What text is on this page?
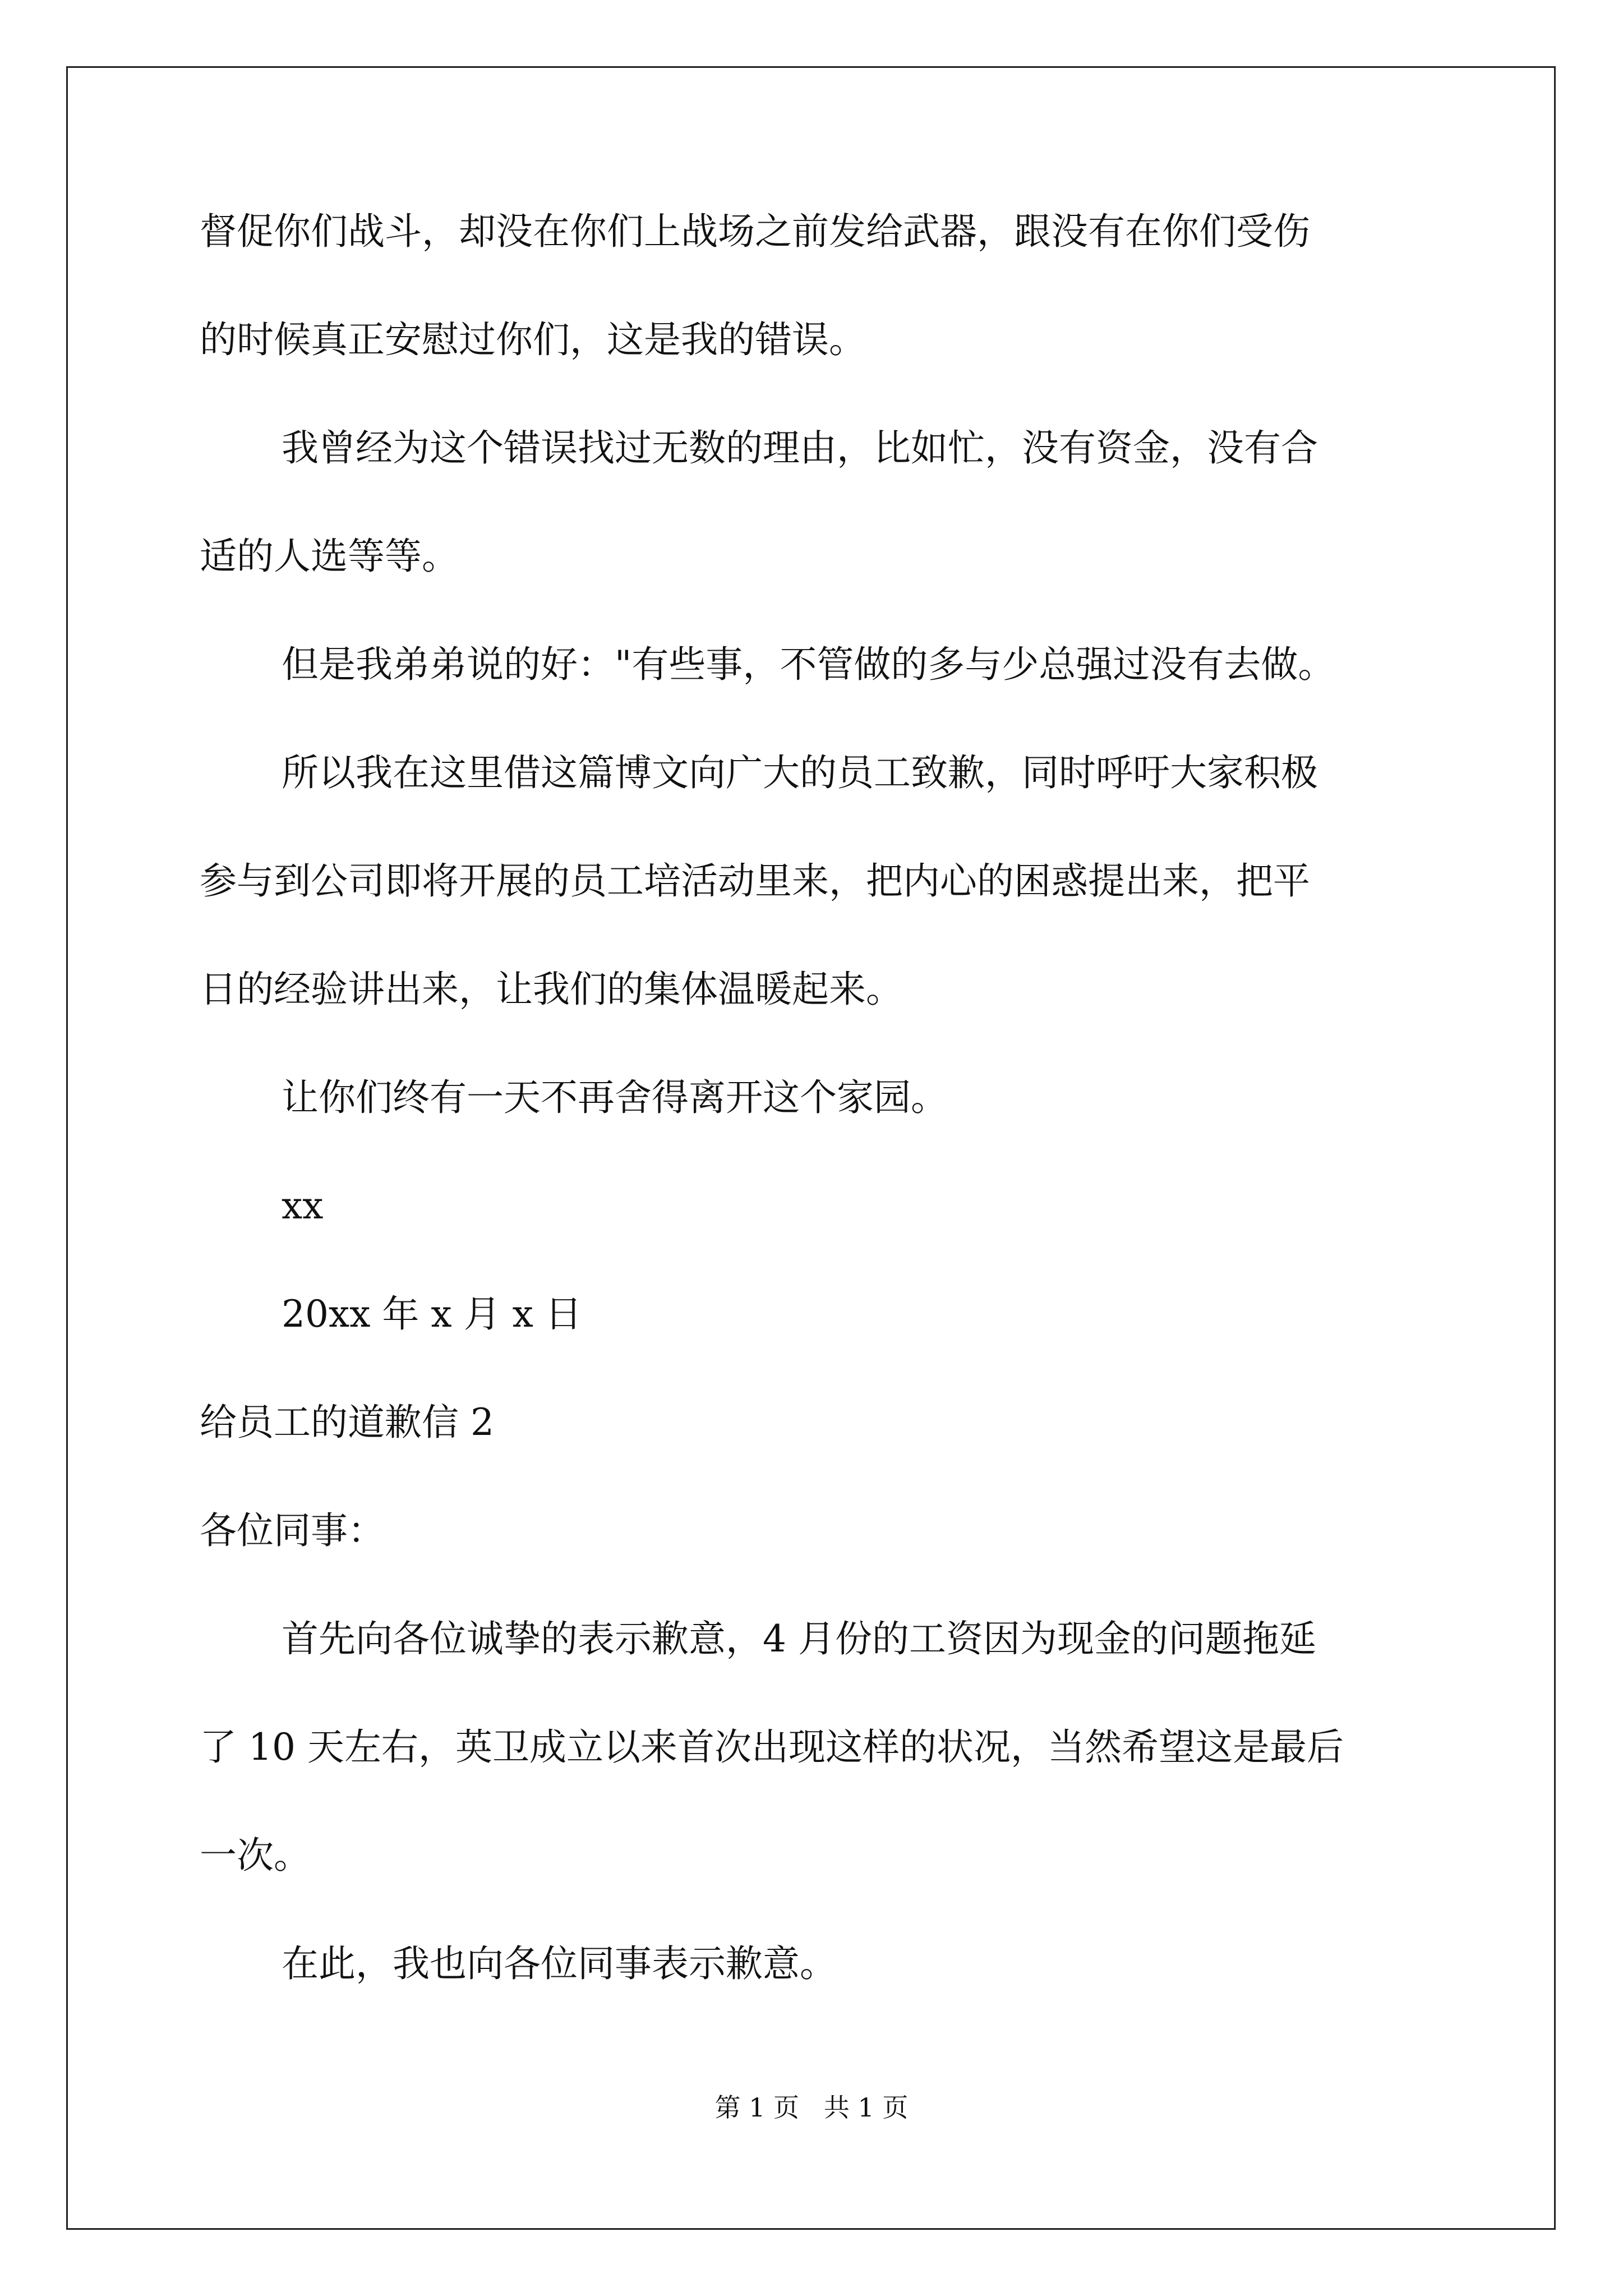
督促你们战斗，却没在你们上战场之前发给武器，跟没有在你们受伤

的时候真正安慰过你们，这是我的错误。

我曾经为这个错误找过无数的理由，比如忙，没有资金，没有合

适的人选等等。

但是我弟弟说的好："有些事，不管做的多与少总强过没有去做。

所以我在这里借这篇博文向广大的员工致歉，同时呼吁大家积极

参与到公司即将开展的员工培活动里来，把内心的困惑提出来，把平

日的经验讲出来，让我们的集体温暖起来。

让你们终有一天不再舍得离开这个家园。

xx

20xx 年 x 月 x 日

给员工的道歉信 2

各位同事：

首先向各位诚挚的表示歉意，4 月份的工资因为现金的问题拖延

了 10 天左右，英卫成立以来首次出现这样的状况，当然希望这是最后

一次。

在此，我也向各位同事表示歉意。

第 1 页   共 1 页
